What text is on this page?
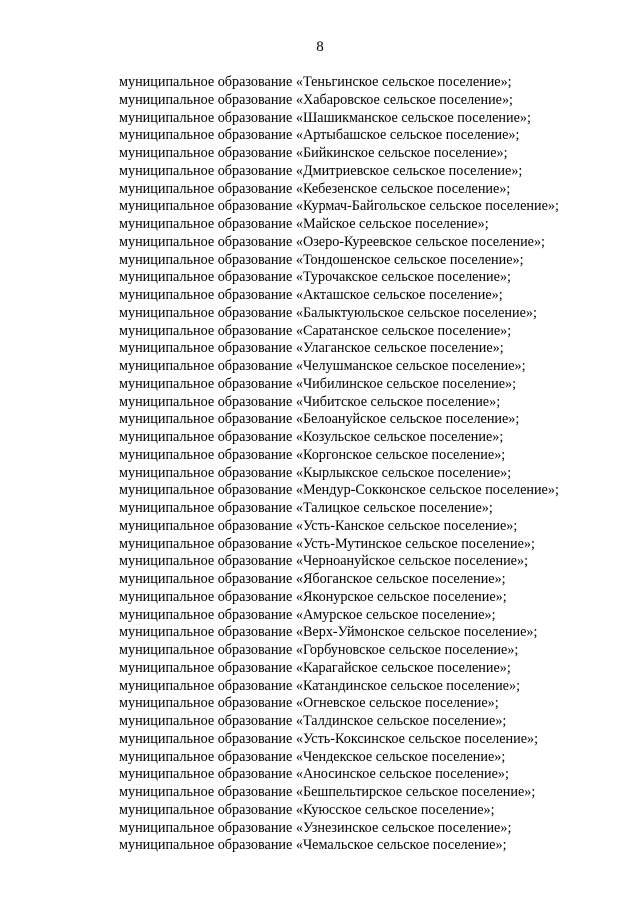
8
муниципальное образование «Теньгинское сельское поселение»;
муниципальное образование «Хабаровское сельское поселение»;
муниципальное образование «Шашикманское сельское поселение»;
муниципальное образование «Артыбашское сельское поселение»;
муниципальное образование «Бийкинское сельское поселение»;
муниципальное образование «Дмитриевское сельское поселение»;
муниципальное образование «Кебезенское сельское поселение»;
муниципальное образование «Курмач-Байгольское сельское поселение»;
муниципальное образование «Майское сельское поселение»;
муниципальное образование «Озеро-Куреевское сельское поселение»;
муниципальное образование «Тондошенское сельское поселение»;
муниципальное образование «Турочакское сельское поселение»;
муниципальное образование «Акташское сельское поселение»;
муниципальное образование «Балыктуюльское сельское поселение»;
муниципальное образование «Саратанское сельское поселение»;
муниципальное образование «Улаганское сельское поселение»;
муниципальное образование «Челушманское сельское поселение»;
муниципальное образование «Чибилинское сельское поселение»;
муниципальное образование «Чибитское сельское поселение»;
муниципальное образование «Белоануйское сельское поселение»;
муниципальное образование «Козульское сельское поселение»;
муниципальное образование «Коргонское сельское поселение»;
муниципальное образование «Кырлыкское сельское поселение»;
муниципальное образование «Мендур-Сокконское сельское поселение»;
муниципальное образование «Талицкое сельское поселение»;
муниципальное образование «Усть-Канское сельское поселение»;
муниципальное образование «Усть-Мутинское сельское поселение»;
муниципальное образование «Черноануйское сельское поселение»;
муниципальное образование «Ябоганское сельское поселение»;
муниципальное образование «Яконурское сельское поселение»;
муниципальное образование «Амурское сельское поселение»;
муниципальное образование «Верх-Уймонское сельское поселение»;
муниципальное образование «Горбуновское сельское поселение»;
муниципальное образование «Карагайское сельское поселение»;
муниципальное образование «Катандинское сельское поселение»;
муниципальное образование «Огневское сельское поселение»;
муниципальное образование «Талдинское сельское поселение»;
муниципальное образование «Усть-Коксинское сельское поселение»;
муниципальное образование «Чендекское сельское поселение»;
муниципальное образование «Аносинское сельское поселение»;
муниципальное образование «Бешпельтирское сельское поселение»;
муниципальное образование «Куюсское сельское поселение»;
муниципальное образование «Узнезинское сельское поселение»;
муниципальное образование «Чемальское сельское поселение»;
